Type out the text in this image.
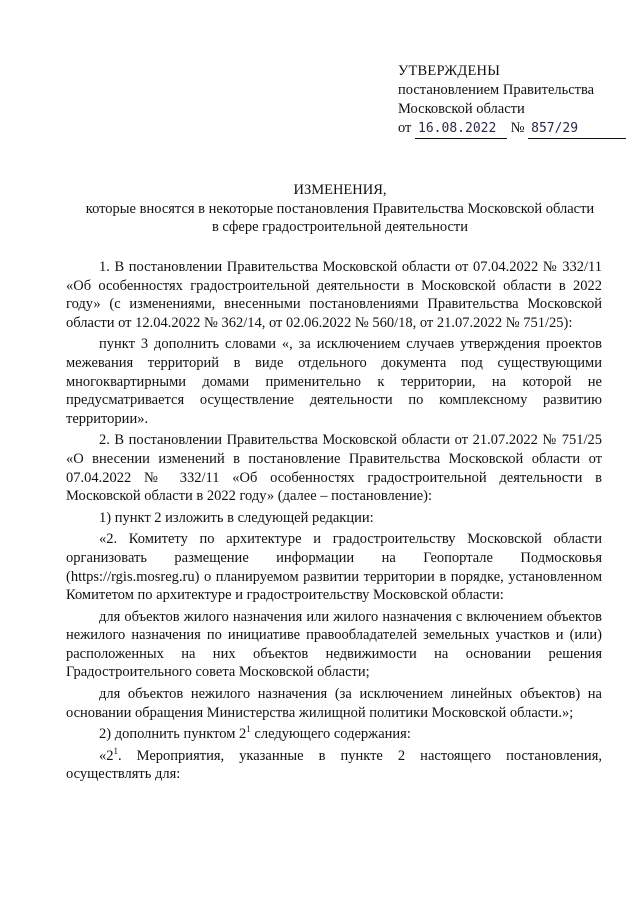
УТВЕРЖДЕНЫ
постановлением Правительства
Московской области
от 16.08.2022 № 857/29
ИЗМЕНЕНИЯ,
которые вносятся в некоторые постановления Правительства Московской области
в сфере градостроительной деятельности

1. В постановлении Правительства Московской области от 07.04.2022 № 332/11 «Об особенностях градостроительной деятельности в Московской области в 2022 году» (с изменениями, внесенными постановлениями Правительства Московской области от 12.04.2022 № 362/14, от 02.06.2022 № 560/18, от 21.07.2022 № 751/25):

пункт 3 дополнить словами «, за исключением случаев утверждения проектов межевания территорий в виде отдельного документа под существующими многоквартирными домами применительно к территории, на которой не предусматривается осуществление деятельности по комплексному развитию территории».

2. В постановлении Правительства Московской области от 21.07.2022 № 751/25 «О внесении изменений в постановление Правительства Московской области от 07.04.2022 № 332/11 «Об особенностях градостроительной деятельности в Московской области в 2022 году» (далее – постановление):

1) пункт 2 изложить в следующей редакции:

«2. Комитету по архитектуре и градостроительству Московской области организовать размещение информации на Геопортале Подмосковья (https://rgis.mosreg.ru) о планируемом развитии территории в порядке, установленном Комитетом по архитектуре и градостроительству Московской области:

для объектов жилого назначения или жилого назначения с включением объектов нежилого назначения по инициативе правообладателей земельных участков и (или) расположенных на них объектов недвижимости на основании решения Градостроительного совета Московской области;

для объектов нежилого назначения (за исключением линейных объектов) на основании обращения Министерства жилищной политики Московской области.»;

2) дополнить пунктом $2^1$ следующего содержания:

«$2^1$. Мероприятия, указанные в пункте 2 настоящего постановления, осуществлять для:
